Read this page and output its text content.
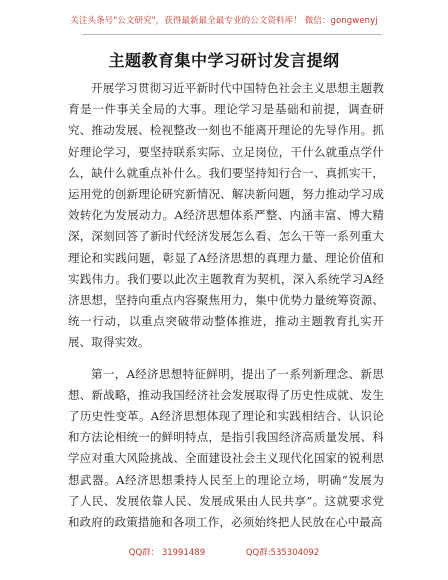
关注头条号"公文研究"，获得最新最全最专业的公文资料库！ 微信：gongwenyj
主题教育集中学习研讨发言提纲

开展学习贯彻习近平新时代中国特色社会主义思想主题教育是一件事关全局的大事。理论学习是基础和前提，调查研究、推动发展、检视整改一刻也不能离开理论的先导作用。抓好理论学习，要坚持联系实际、立足岗位，干什么就重点学什么，缺什么就重点补什么。我们要坚持知行合一、真抓实干，运用党的创新理论研究新情况、解决新问题，努力推动学习成效转化为发展动力。A经济思想体系严整、内涵丰富、博大精深，深刻回答了新时代经济发展怎么看、怎么干等一系列重大理论和实践问题，彰显了A经济思想的真理力量、理论价值和实践伟力。我们要以此次主题教育为契机，深入系统学习A经济思想，坚持向重点内容聚焦用力，集中优势力量统筹资源、统一行动，以重点突破带动整体推进，推动主题教育扎实开展、取得实效。

第一，A经济思想特征鲜明，提出了一系列新理念、新思想、新战略，推动我国经济社会发展取得了历史性成就、发生了历史性变革。A经济思想体现了理论和实践相结合、认识论和方法论相统一的鲜明特点，是指引我国经济高质量发展、科学应对重大风险挑战、全面建设社会主义现代化国家的锐利思想武器。A经济思想秉持人民至上的理论立场，明确“发展为了人民、发展依靠人民、发展成果由人民共享”。这就要求党和政府的政策措施和各项工作，必须始终把人民放在心中最高

QQ群： 31991489	QQ群:535304092
